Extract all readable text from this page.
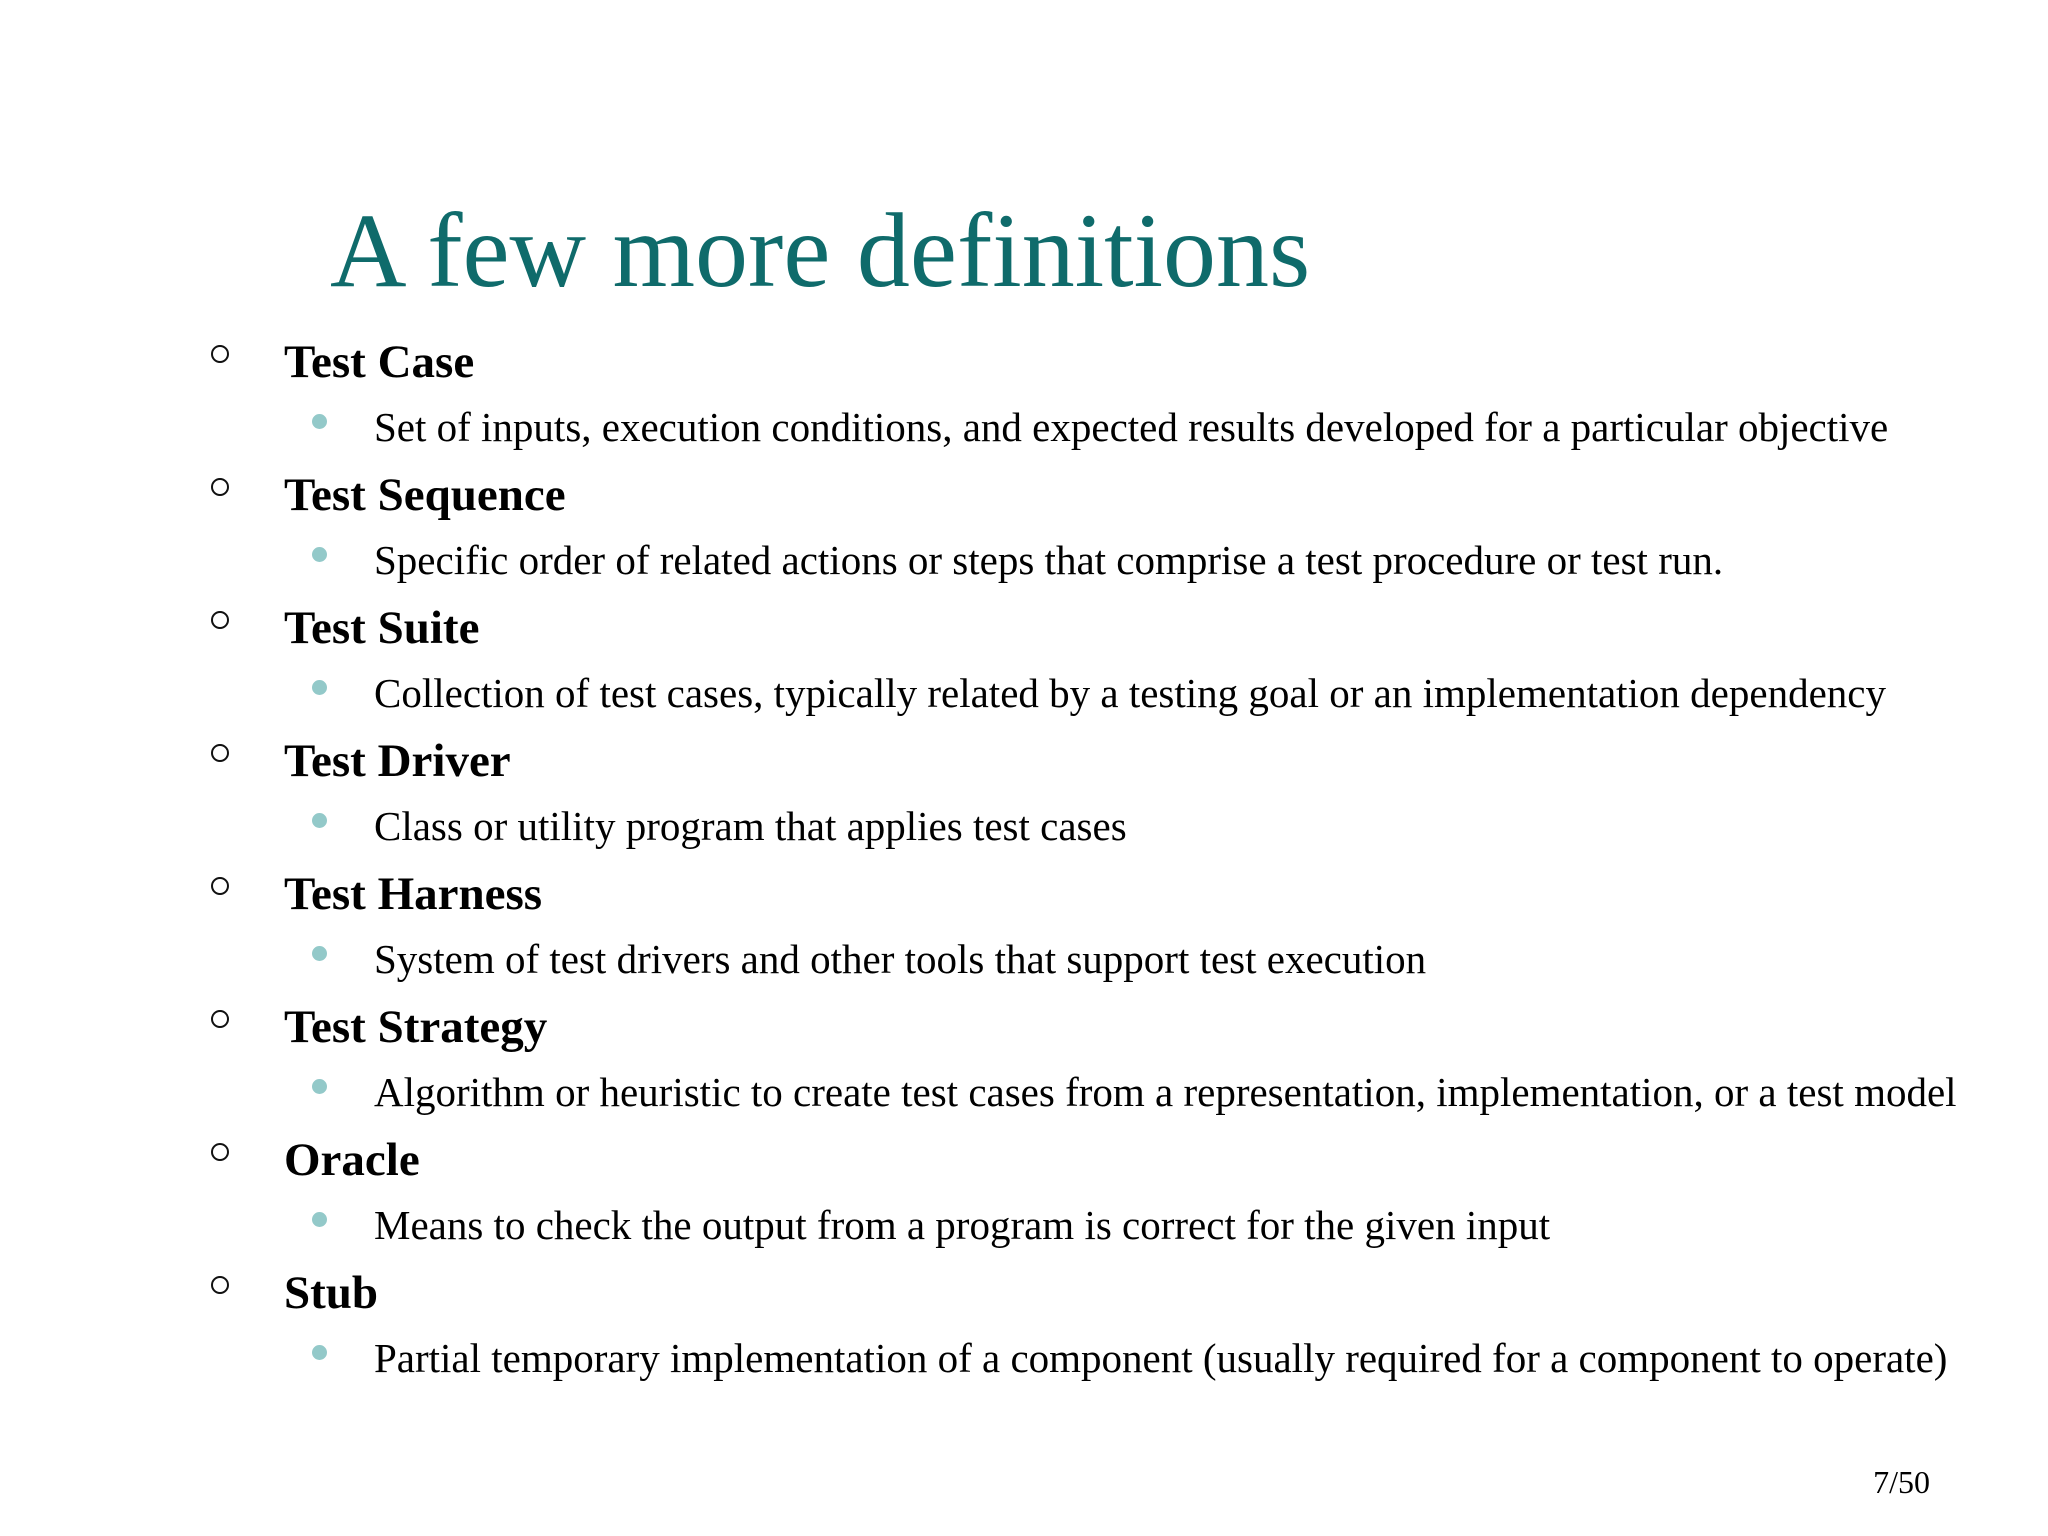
A few more definitions
Test Case
Set of inputs, execution conditions, and expected results developed for a particular objective
Test Sequence
Specific order of related actions or steps that comprise a test procedure or test run.
Test Suite
Collection of test cases, typically related by a testing goal or an implementation dependency
Test Driver
Class or utility program that applies test cases
Test Harness
System of test drivers and other tools that support test execution
Test Strategy
Algorithm or heuristic to create test cases from a representation, implementation, or a test model
Oracle
Means to check the output from a program is correct for the given input
Stub
Partial temporary implementation of a component (usually required for a component to operate)
7/50
